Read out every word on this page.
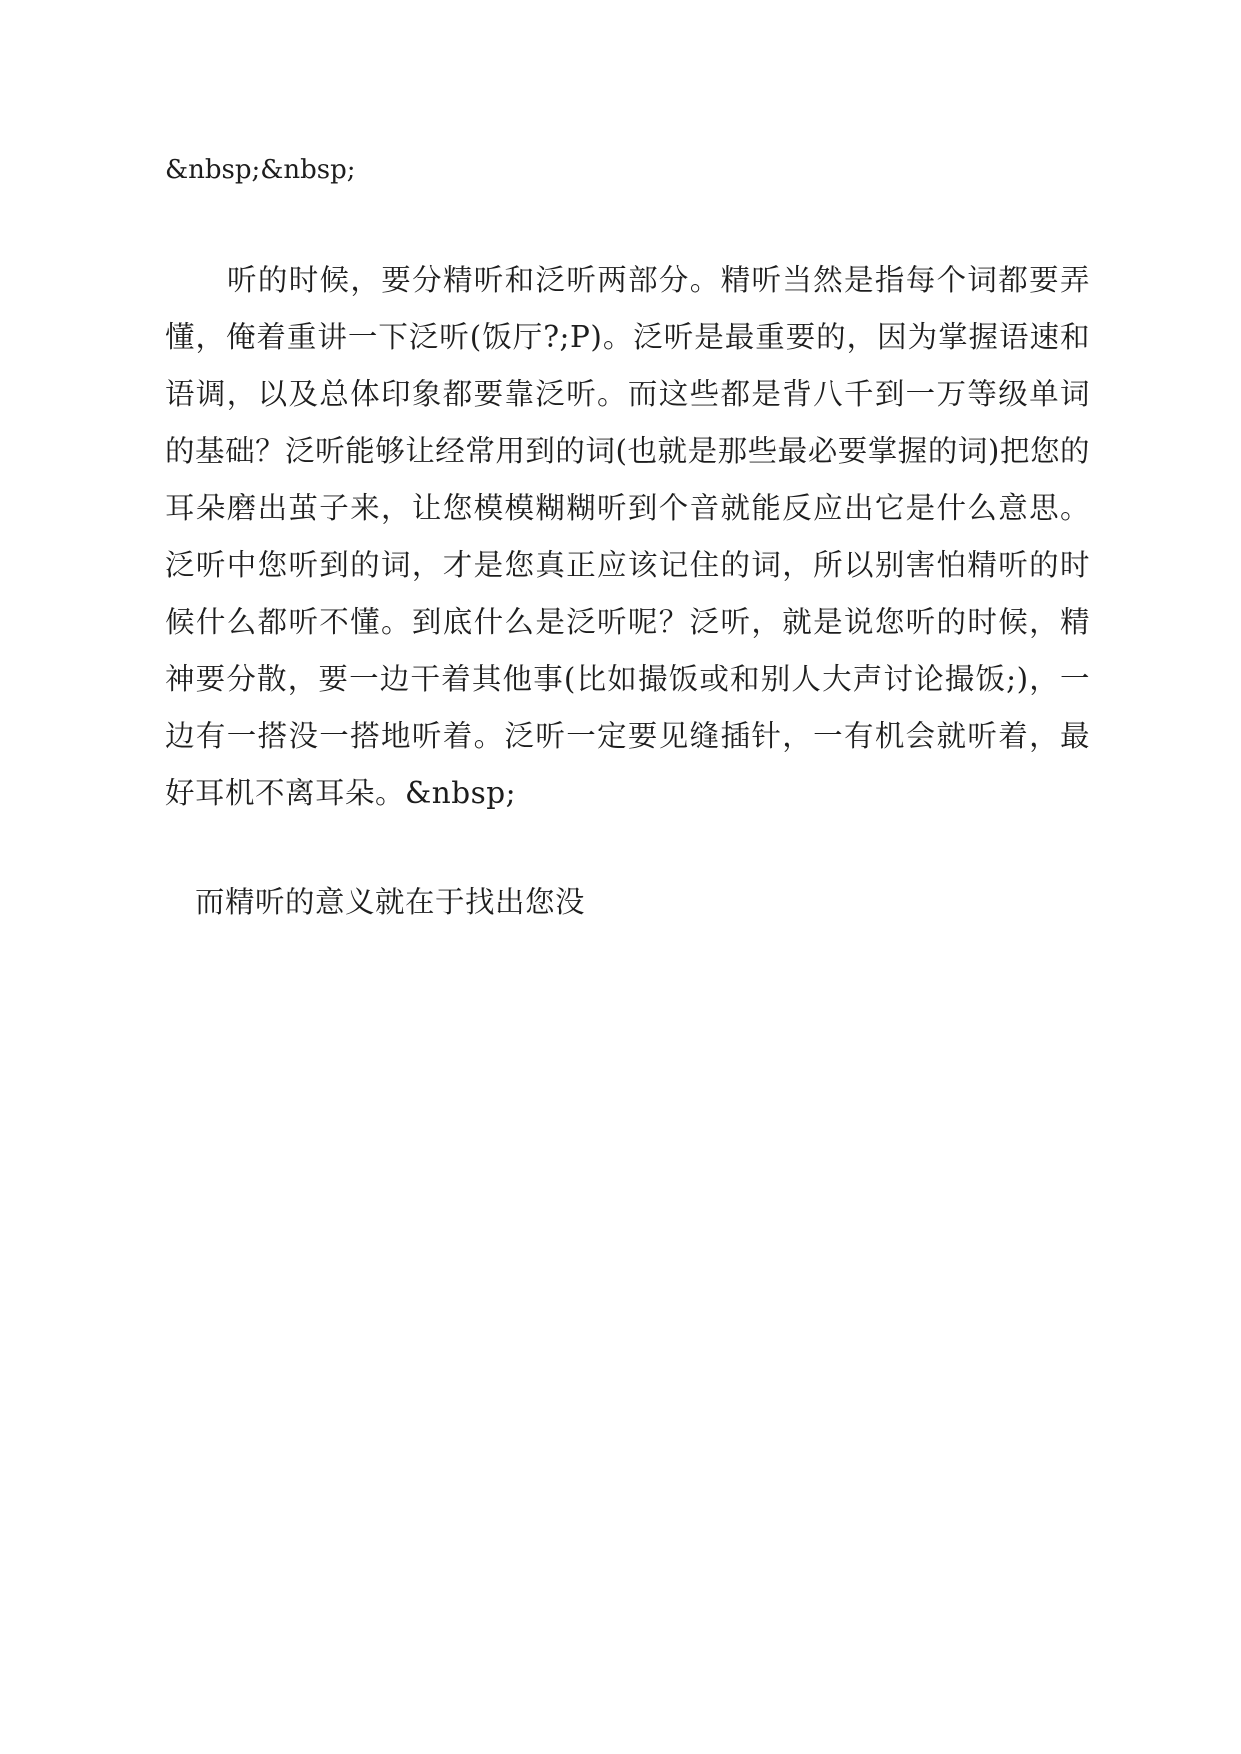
&nbsp;&nbsp;

听的时候，要分精听和泛听两部分。精听当然是指每个词都要弄懂，俺着重讲一下泛听(饭厅?;P)。泛听是最重要的，因为掌握语速和语调，以及总体印象都要靠泛听。而这些都是背八千到一万等级单词的基础？泛听能够让经常用到的词(也就是那些最必要掌握的词)把您的耳朵磨出茧子来，让您模模糊糊听到个音就能反应出它是什么意思。泛听中您听到的词，才是您真正应该记住的词，所以别害怕精听的时候什么都听不懂。到底什么是泛听呢？泛听，就是说您听的时候，精神要分散，要一边干着其他事(比如撮饭或和别人大声讨论撮饭;)，一边有一搭没一搭地听着。泛听一定要见缝插针，一有机会就听着，最好耳机不离耳朵。&nbsp;

而精听的意义就在于找出您没
